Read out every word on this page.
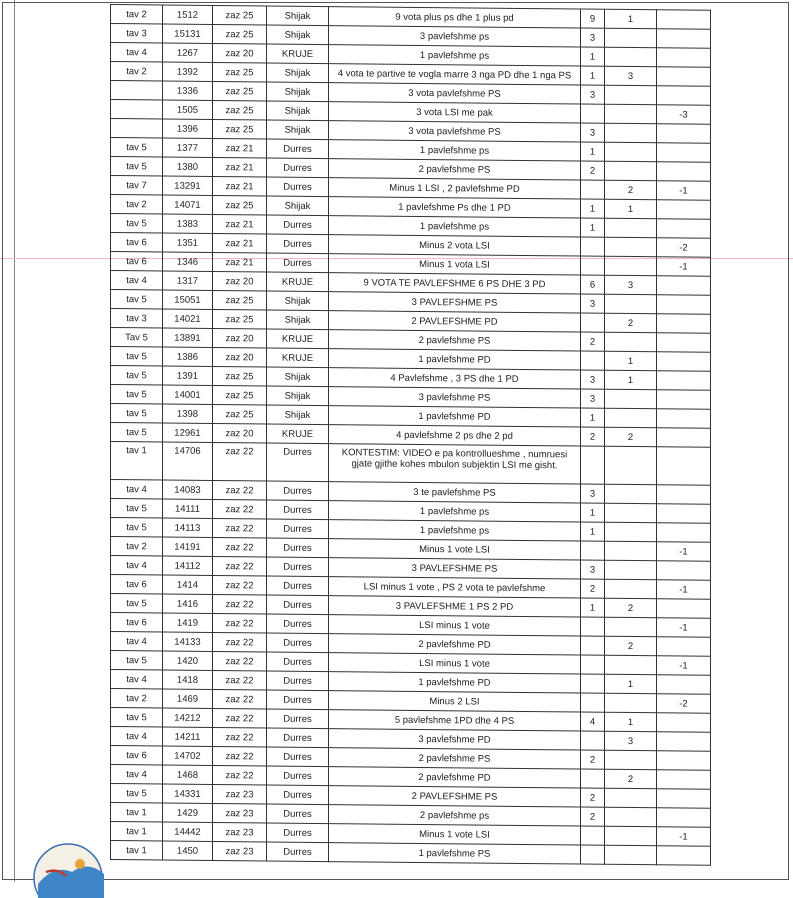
tav 2	1512	zaz 25	Shijak	9 vota plus ps dhe 1 plus pd	9	1	
tav 3	15131	zaz 25	Shijak	3 pavlefshme ps	3		
tav 4	1267	zaz 20	KRUJE	1 pavlefshme ps	1		
tav 2	1392	zaz 25	Shijak	4 vota te partive te vogla marre 3 nga PD dhe 1 nga PS	1	3	
	1336	zaz 25	Shijak	3 vota pavlefshme PS	3		
	1505	zaz 25	Shijak	3 vota LSI me pak			-3
	1396	zaz 25	Shijak	3 vota pavlefshme PS	3		
tav 5	1377	zaz 21	Durres	1 pavlefshme ps	1		
tav 5	1380	zaz 21	Durres	2 pavlefshme PS	2		
tav 7	13291	zaz 21	Durres	Minus 1 LSI , 2 pavlefshme PD		2	-1
tav 2	14071	zaz 25	Shijak	1 pavlefshme Ps dhe 1 PD	1	1	
tav 5	1383	zaz 21	Durres	1 pavlefshme ps	1		
tav 6	1351	zaz 21	Durres	Minus 2 vota LSI			-2
tav 6	1346	zaz 21	Durres	Minus 1 vota LSI			-1
tav 4	1317	zaz 20	KRUJE	9 VOTA TE PAVLEFSHME 6 PS DHE 3 PD	6	3	
tav 5	15051	zaz 25	Shijak	3 PAVLEFSHME PS	3		
tav 3	14021	zaz 25	Shijak	2 PAVLEFSHME PD		2	
Tav 5	13891	zaz 20	KRUJE	2 pavlefshme PS	2		
tav 5	1386	zaz 20	KRUJE	1 pavlefshme PD		1	
tav 5	1391	zaz 25	Shijak	4 Pavlefshme , 3 PS dhe 1 PD	3	1	
tav 5	14001	zaz 25	Shijak	3 pavlefshme PS	3		
tav 5	1398	zaz 25	Shijak	1 pavlefshme PD	1		
tav 5	12961	zaz 20	KRUJE	4 pavlefshme 2 ps dhe 2 pd	2	2	
tav 1	14706	zaz 22	Durres	KONTESTIM: VIDEO e pa kontrollueshme , numruesi gjate gjithe kohes mbulon subjektin LSI me gisht.			
tav 4	14083	zaz 22	Durres	3 te pavlefshme PS	3		
tav 5	14111	zaz 22	Durres	1 pavlefshme ps	1		
tav 5	14113	zaz 22	Durres	1 pavlefshme ps	1		
tav 2	14191	zaz 22	Durres	Minus 1 vote LSI			-1
tav 4	14112	zaz 22	Durres	3 PAVLEFSHME PS	3		
tav 6	1414	zaz 22	Durres	LSI minus 1 vote , PS 2 vota te pavlefshme	2		-1
tav 5	1416	zaz 22	Durres	3 PAVLEFSHME 1 PS 2 PD	1	2	
tav 6	1419	zaz 22	Durres	LSI minus 1 vote			-1
tav 4	14133	zaz 22	Durres	2 pavlefshme PD		2	
tav 5	1420	zaz 22	Durres	LSI minus 1 vote			-1
tav 4	1418	zaz 22	Durres	1 pavlefshme PD		1	
tav 2	1469	zaz 22	Durres	Minus 2 LSI			-2
tav 5	14212	zaz 22	Durres	5 pavlefshme 1PD dhe 4 PS	4	1	
tav 4	14211	zaz 22	Durres	3 pavlefshme PD		3	
tav 6	14702	zaz 22	Durres	2 pavlefshme PS	2		
tav 4	1468	zaz 22	Durres	2 pavlefshme PD		2	
tav 5	14331	zaz 23	Durres	2 PAVLEFSHME PS	2		
tav 1	1429	zaz 23	Durres	2 pavlefshme ps	2		
tav 1	14442	zaz 23	Durres	Minus 1 vote LSI			-1
tav 1	1450	zaz 23	Durres	1 pavlefshme PS			
